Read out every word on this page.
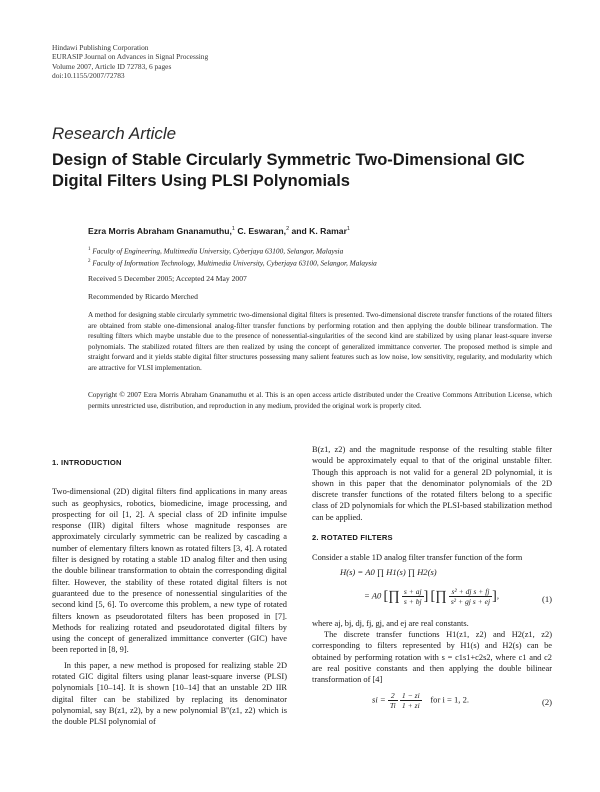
Hindawi Publishing Corporation
EURASIP Journal on Advances in Signal Processing
Volume 2007, Article ID 72783, 6 pages
doi:10.1155/2007/72783
Research Article
Design of Stable Circularly Symmetric Two-Dimensional GIC
Digital Filters Using PLSI Polynomials
Ezra Morris Abraham Gnanamuthu,$^1$ C. Eswaran,$^2$ and K. Ramar$^1$
$^1$ Faculty of Engineering, Multimedia University, Cyberjaya 63100, Selangor, Malaysia
$^2$ Faculty of Information Technology, Multimedia University, Cyberjaya 63100, Selangor, Malaysia
Received 5 December 2005; Accepted 24 May 2007
Recommended by Ricardo Merched
A method for designing stable circularly symmetric two-dimensional digital filters is presented. Two-dimensional discrete transfer functions of the rotated filters are obtained from stable one-dimensional analog-filter transfer functions by performing rotation and then applying the double bilinear transformation. The resulting filters which maybe unstable due to the presence of nonessential-singularities of the second kind are stabilized by using planar least-square inverse polynomials. The stabilized rotated filters are then realized by using the concept of generalized immittance converter. The proposed method is simple and straight forward and it yields stable digital filter structures possessing many salient features such as low noise, low sensitivity, regularity, and modularity which are attractive for VLSI implementation.
Copyright © 2007 Ezra Morris Abraham Gnanamuthu et al. This is an open access article distributed under the Creative Commons Attribution License, which permits unrestricted use, distribution, and reproduction in any medium, provided the original work is properly cited.
1. INTRODUCTION

Two-dimensional (2D) digital filters find applications in many areas such as geophysics, robotics, biomedicine, image processing, and prospecting for oil [1, 2]. A special class of 2D infinite impulse response (IIR) digital filters whose magnitude responses are approximately circularly symmetric can be realized by cascading a number of elementary filters known as rotated filters [3, 4]. A rotated filter is designed by rotating a stable 1D analog filter and then using the double bilinear transformation to obtain the corresponding digital filter. However, the stability of these rotated digital filters is not guaranteed due to the presence of nonessential singularities of the second kind [5, 6]. To overcome this problem, a new type of rotated filters known as pseudorotated filters has been proposed in [7]. Methods for realizing rotated and pseudorotated digital filters by using the concept of generalized immittance converter (GIC) have been reported in [8, 9].

In this paper, a new method is proposed for realizing stable 2D rotated GIC digital filters using planar least-square inverse (PLSI) polynomials [10–14]. It is shown [10–14] that an unstable 2D IIR digital filter can be stabilized by replacing its denominator polynomial, say B(z1, z2), by a new polynomial B''(z1, z2) which is the double PLSI polynomial of

B(z1, z2) and the magnitude response of the resulting stable filter would be approximately equal to that of the original unstable filter. Though this approach is not valid for a general 2D polynomial, it is shown in this paper that the denominator polynomials of the 2D discrete transfer functions of the rotated filters belong to a specific class of 2D polynomials for which the PLSI-based stabilization method can be applied.

2. ROTATED FILTERS

Consider a stable 1D analog filter transfer function of the form

H(s) = A0 ∏ H1(s) ∏ H2(s)
= A0 [∏ $\frac{s + aj}{s + bj}$ ] [∏ $\frac{\text{s² + dj s + fj}}{\text{s² + gj s + ej}}$ ],	(1)

where aj, bj, dj, fj, gj, and ej are real constants.

The discrete transfer functions H1(z1, z2) and H2(z1, z2) corresponding to filters represented by H1(s) and H2(s) can be obtained by performing rotation with s = c1s1+c2s2, where c1 and c2 are real positive constants and then applying the double bilinear transformation of [4]

si = $\frac{2}{Ti}$
$\frac{1 - zi}{1 + zi}$ for i = 1, 2.	(2)
